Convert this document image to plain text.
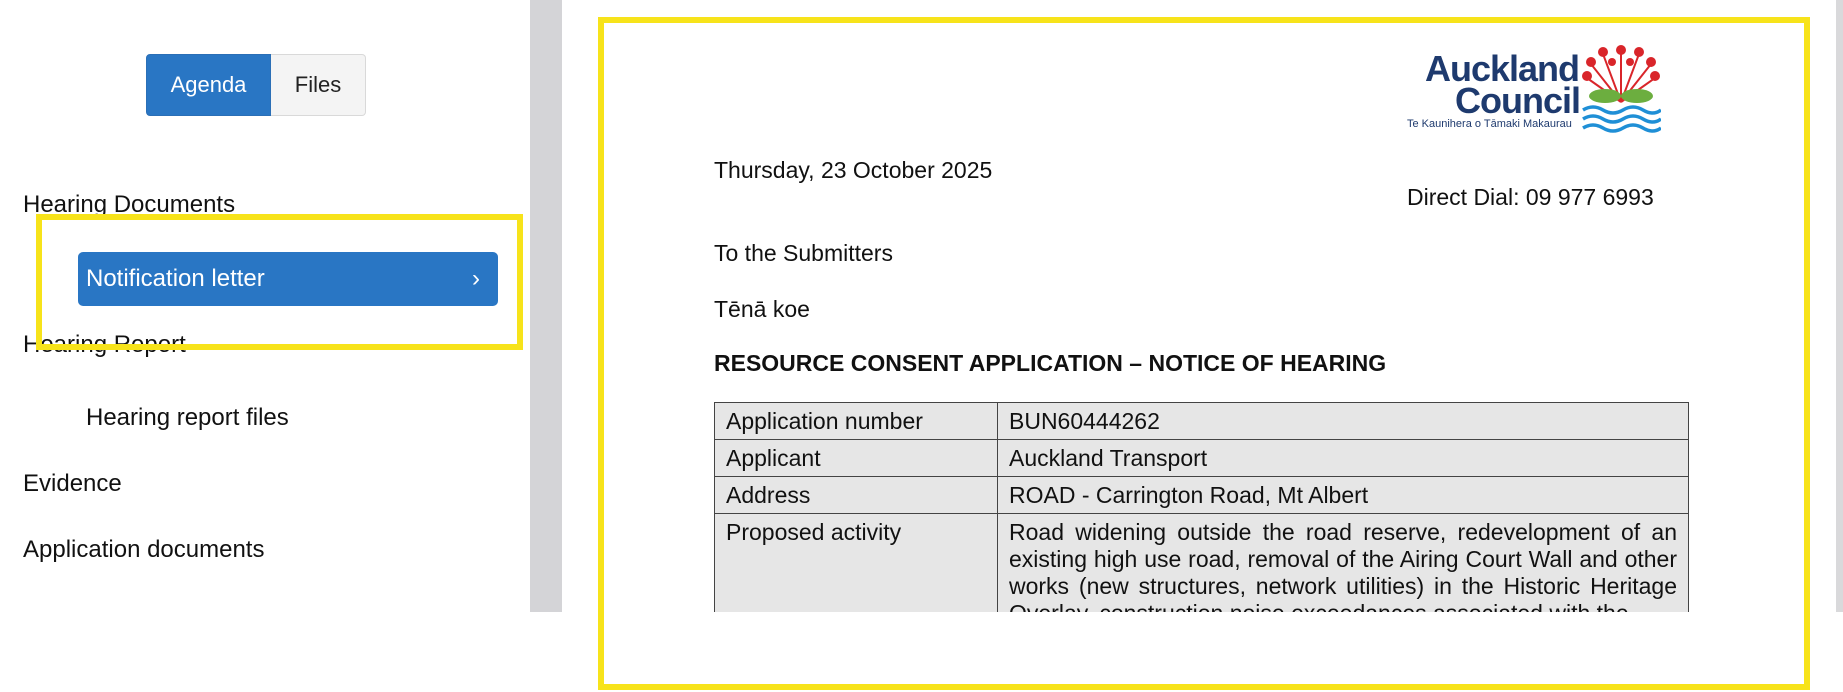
Agenda	Files
Hearing Documents
Notification letter	›
Hearing Report
Hearing report files
Evidence
Application documents
Auckland
Council
Te Kaunihera o Tāmaki Makaurau
Thursday, 23 October 2025
Direct Dial: 09 977 6993
To the Submitters
Tēnā koe
RESOURCE CONSENT APPLICATION – NOTICE OF HEARING
Application number	BUN60444262
Applicant	Auckland Transport
Address	ROAD - Carrington Road, Mt Albert
Proposed activity	Road widening outside the road reserve, redevelopment of an existing high use road, removal of the Airing Court Wall and other works (new structures, network utilities) in the Historic Heritage
